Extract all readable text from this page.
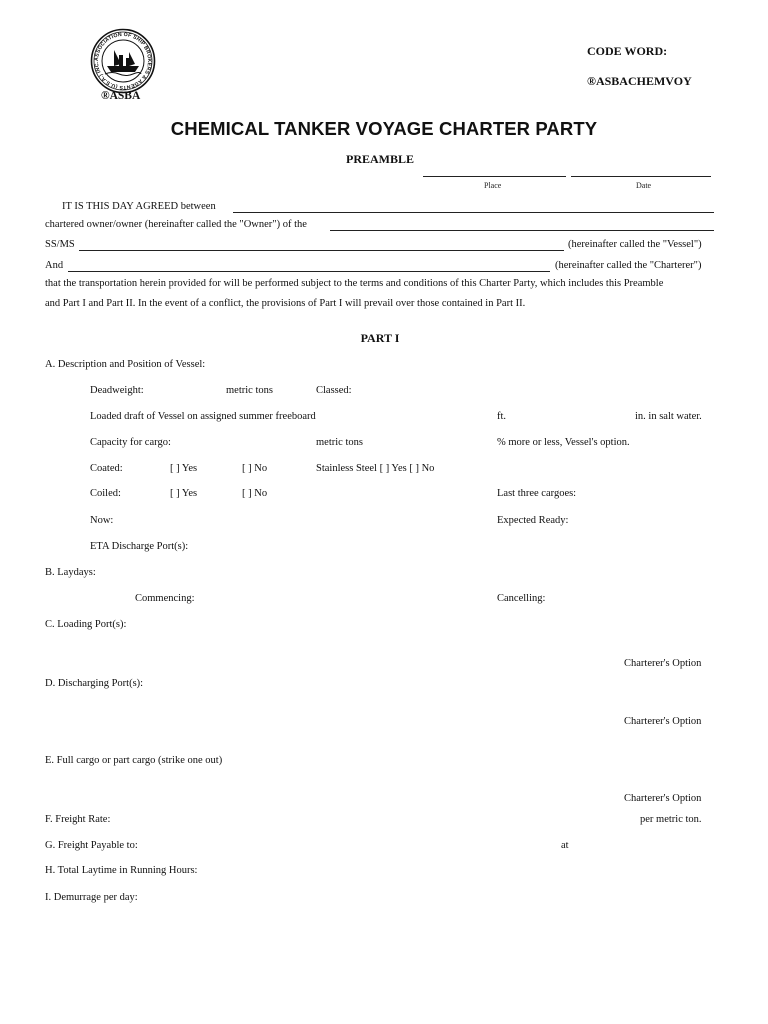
ASSOCIATION OF SHIP BROKERS & AGENTS (U.S.A.) INC.
®ASBA
CODE WORD:
®ASBACHEMVOY
CHEMICAL TANKER VOYAGE CHARTER PARTY
PREAMBLE
Place	Date
IT IS THIS DAY AGREED between
chartered owner/owner (hereinafter called the "Owner") of the
SS/MS	(hereinafter called the "Vessel")
And	(hereinafter called the "Charterer")
that the transportation herein provided for will be performed subject to the terms and conditions of this Charter Party, which includes this Preamble
and Part I and Part II. In the event of a conflict, the provisions of Part I will prevail over those contained in Part II.
PART I
A. Description and Position of Vessel:
Deadweight:	metric tons	Classed:
Loaded draft of Vessel on assigned summer freeboard	ft.	in. in salt water.
Capacity for cargo:	metric tons	% more or less, Vessel's option.
Coated:	[ ] Yes	[ ] No	Stainless Steel [ ] Yes [ ] No
Coiled:	[ ] Yes	[ ] No	Last three cargoes:
Now:	Expected Ready:
ETA Discharge Port(s):
B. Laydays:
Commencing:	Cancelling:
C. Loading Port(s):
Charterer's Option
D. Discharging Port(s):
Charterer's Option
E. Full cargo or part cargo (strike one out)
Charterer's Option
F. Freight Rate:	per metric ton.
G. Freight Payable to:	at
H. Total Laytime in Running Hours:
I. Demurrage per day:
